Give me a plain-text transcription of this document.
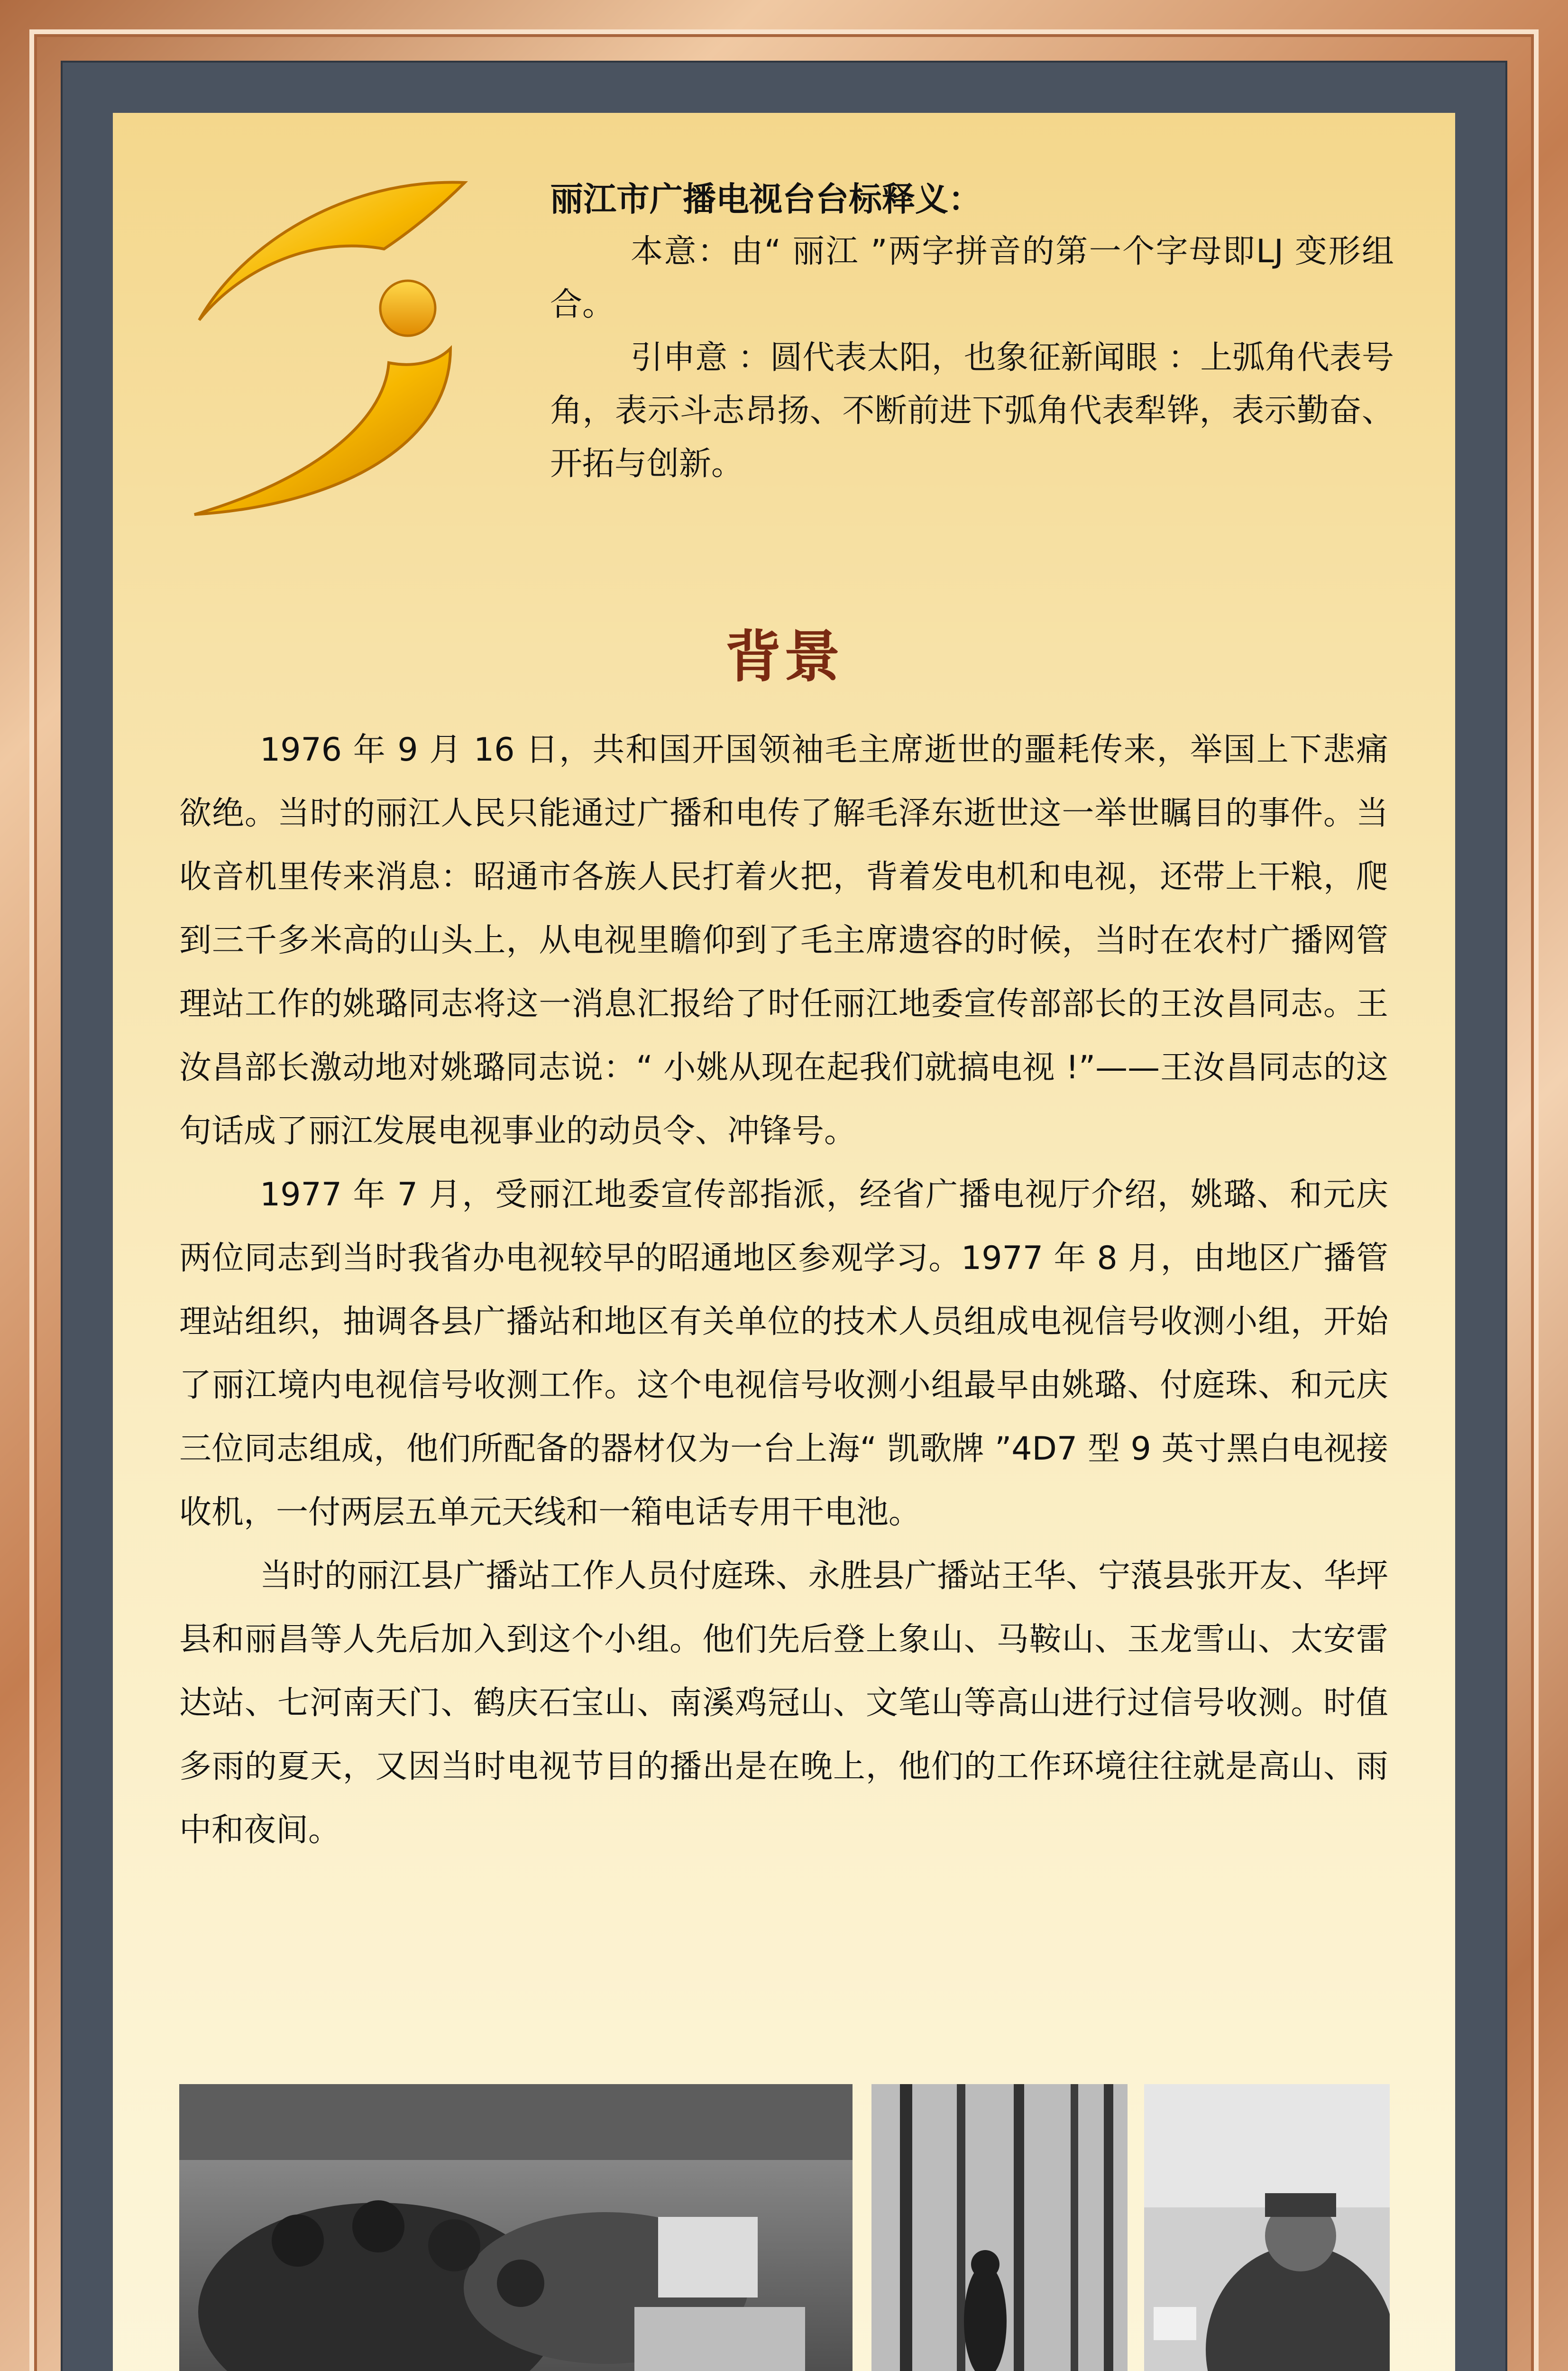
丽江市广播电视台台标释义：

本意：由“ 丽江 ”两字拼音的第一个字母即LJ 变形组合。

引申意 ：圆代表太阳，也象征新闻眼 ：上弧角代表号角，表示斗志昂扬、不断前进下弧角代表犁铧，表示勤奋、开拓与创新。

背景

1976 年 9 月 16 日，共和国开国领袖毛主席逝世的噩耗传来，举国上下悲痛欲绝。当时的丽江人民只能通过广播和电传了解毛泽东逝世这一举世瞩目的事件。当收音机里传来消息：昭通市各族人民打着火把，背着发电机和电视，还带上干粮，爬到三千多米高的山头上，从电视里瞻仰到了毛主席遗容的时候，当时在农村广播网管理站工作的姚璐同志将这一消息汇报给了时任丽江地委宣传部部长的王汝昌同志。王汝昌部长激动地对姚璐同志说：“ 小姚从现在起我们就搞电视 !”——王汝昌同志的这句话成了丽江发展电视事业的动员令、冲锋号。

1977 年 7 月，受丽江地委宣传部指派，经省广播电视厅介绍，姚璐、和元庆两位同志到当时我省办电视较早的昭通地区参观学习。1977 年 8 月，由地区广播管理站组织，抽调各县广播站和地区有关单位的技术人员组成电视信号收测小组，开始了丽江境内电视信号收测工作。这个电视信号收测小组最早由姚璐、付庭珠、和元庆三位同志组成，他们所配备的器材仅为一台上海“ 凯歌牌 ”4D7 型 9 英寸黑白电视接收机，一付两层五单元天线和一箱电话专用干电池。

当时的丽江县广播站工作人员付庭珠、永胜县广播站王华、宁蒗县张开友、华坪县和丽昌等人先后加入到这个小组。他们先后登上象山、马鞍山、玉龙雪山、太安雷达站、七河南天门、鹤庆石宝山、南溪鸡冠山、文笔山等高山进行过信号收测。时值多雨的夏天，又因当时电视节目的播出是在晚上，他们的工作环境往往就是高山、雨中和夜间。
